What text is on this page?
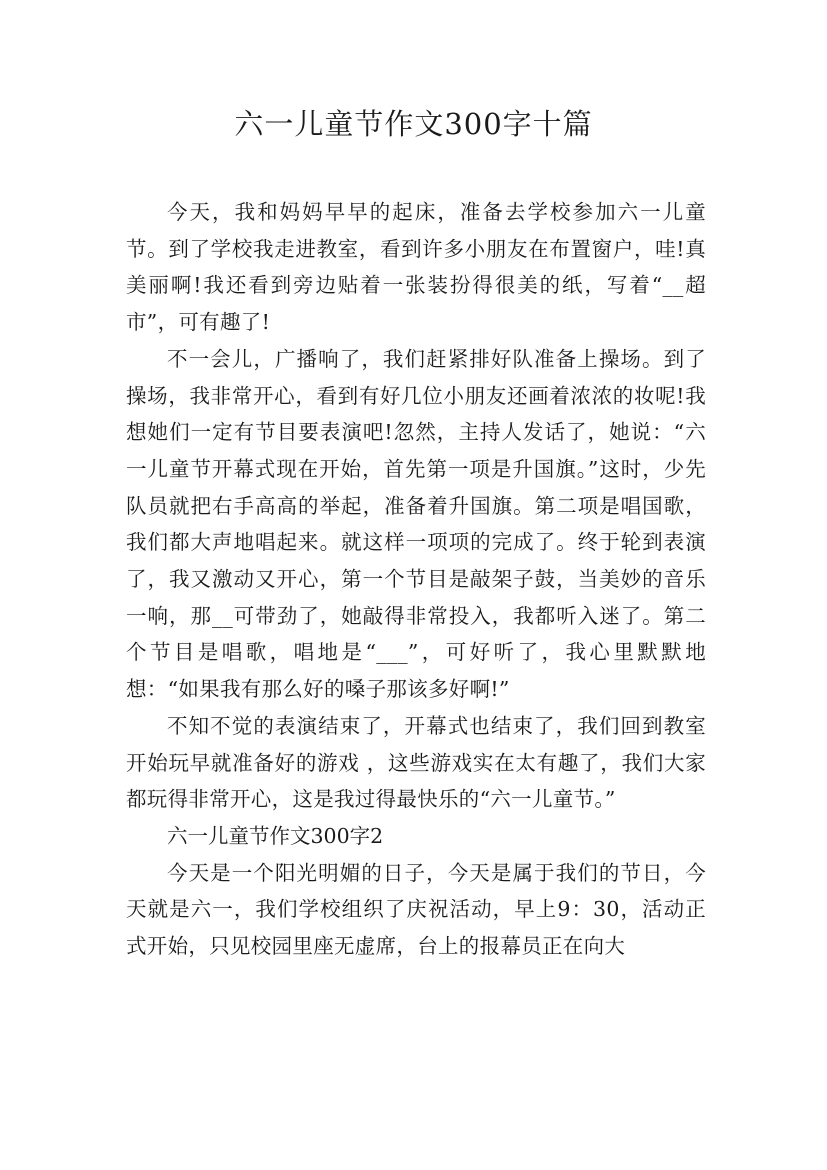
六一儿童节作文300字十篇

今天，我和妈妈早早的起床，准备去学校参加六一儿童节。到了学校我走进教室，看到许多小朋友在布置窗户，哇!真美丽啊!我还看到旁边贴着一张装扮得很美的纸，写着“__超市”，可有趣了!

不一会儿，广播响了，我们赶紧排好队准备上操场。到了操场，我非常开心，看到有好几位小朋友还画着浓浓的妆呢!我想她们一定有节目要表演吧!忽然，主持人发话了，她说：“六一儿童节开幕式现在开始，首先第一项是升国旗。”这时，少先队员就把右手高高的举起，准备着升国旗。第二项是唱国歌，我们都大声地唱起来。就这样一项项的完成了。终于轮到表演了，我又激动又开心，第一个节目是敲架子鼓，当美妙的音乐一响，那__可带劲了，她敲得非常投入，我都听入迷了。第二个节目是唱歌，唱地是“___”，可好听了，我心里默默地想：“如果我有那么好的嗓子那该多好啊!”

不知不觉的表演结束了，开幕式也结束了，我们回到教室开始玩早就准备好的游戏 ，这些游戏实在太有趣了，我们大家都玩得非常开心，这是我过得最快乐的“六一儿童节。”

六一儿童节作文300字2

今天是一个阳光明媚的日子，今天是属于我们的节日，今天就是六一，我们学校组织了庆祝活动，早上9：30，活动正式开始，只见校园里座无虚席，台上的报幕员正在向大
